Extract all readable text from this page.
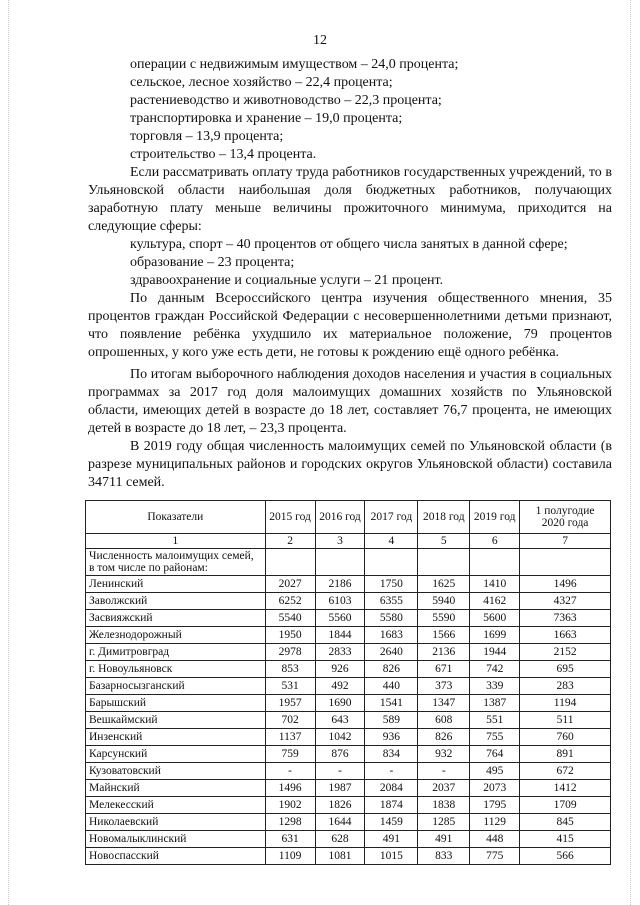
12
операции с недвижимым имуществом – 24,0 процента;
сельское, лесное хозяйство – 22,4 процента;
растениеводство и животноводство – 22,3 процента;
транспортировка и хранение – 19,0 процента;
торговля – 13,9 процента;
строительство – 13,4 процента.
Если рассматривать оплату труда работников государственных учреждений, то в Ульяновской области наибольшая доля бюджетных работников, получающих заработную плату меньше величины прожиточного минимума, приходится на следующие сферы:
культура, спорт – 40 процентов от общего числа занятых в данной сфере;
образование – 23 процента;
здравоохранение и социальные услуги – 21 процент.
По данным Всероссийского центра изучения общественного мнения, 35 процентов граждан Российской Федерации с несовершеннолетними детьми признают, что появление ребёнка ухудшило их материальное положение, 79 процентов опрошенных, у кого уже есть дети, не готовы к рождению ещё одного ребёнка.
По итогам выборочного наблюдения доходов населения и участия в социальных программах за 2017 год доля малоимущих домашних хозяйств по Ульяновской области, имеющих детей в возрасте до 18 лет, составляет 76,7 процента, не имеющих детей в возрасте до 18 лет, – 23,3 процента.
В 2019 году общая численность малоимущих семей по Ульяновской области (в разрезе муниципальных районов и городских округов Ульяновской области) составила 34711 семей.
Показатели	2015 год	2016 год	2017 год	2018 год	2019 год	1 полугодие 2020 года
1	2	3	4	5	6	7
Численность малоимущих семей, в том числе по районам:						
Ленинский	2027	2186	1750	1625	1410	1496
Заволжский	6252	6103	6355	5940	4162	4327
Засвияжский	5540	5560	5580	5590	5600	7363
Железнодорожный	1950	1844	1683	1566	1699	1663
г. Димитровград	2978	2833	2640	2136	1944	2152
г. Новоульяновск	853	926	826	671	742	695
Базарносызганский	531	492	440	373	339	283
Барышский	1957	1690	1541	1347	1387	1194
Вешкаймский	702	643	589	608	551	511
Инзенский	1137	1042	936	826	755	760
Карсунский	759	876	834	932	764	891
Кузоватовский	-	-	-	-	495	672
Майнский	1496	1987	2084	2037	2073	1412
Мелекесский	1902	1826	1874	1838	1795	1709
Николаевский	1298	1644	1459	1285	1129	845
Новомалыклинский	631	628	491	491	448	415
Новоспасский	1109	1081	1015	833	775	566
